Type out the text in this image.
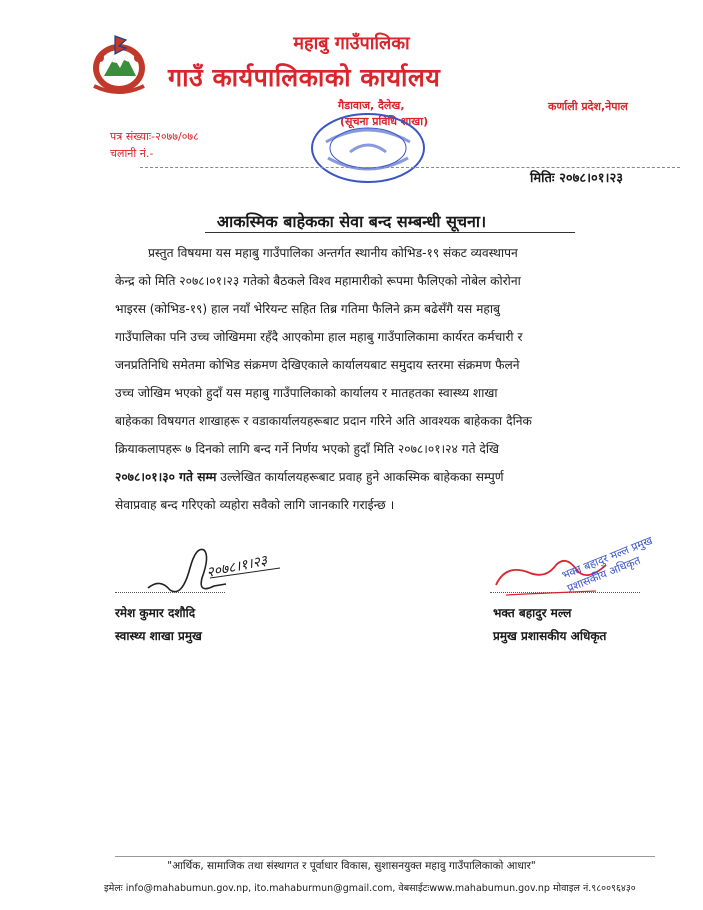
महाबु गाउँपालिका
गाउँ कार्यपालिकाको कार्यालय
गैडावाज, दैलेख,
(सूचना प्रविधि शाखा)
कर्णाली प्रदेश,नेपाल
पत्र संख्याः-२०७७/०७८
चलानी नं.-
मितिः २०७८।०१।२३
आकस्मिक बाहेकका सेवा बन्द सम्बन्धी सूचना।
प्रस्तुत विषयमा यस महाबु गाउँपालिका अन्तर्गत स्थानीय कोभिड-१९ संकट व्यवस्थापन
केन्द्र को मिति २०७८।०१।२३ गतेको बैठकले विश्व महामारीको रूपमा फैलिएको नोबेल कोरोना
भाइरस (कोभिड-१९) हाल नयाँ भेरियन्ट सहित तिब्र गतिमा फैलिने क्रम बढेसँगै यस महाबु
गाउँपालिका पनि उच्च जोखिममा रहँदै आएकोमा हाल महाबु गाउँपालिकामा कार्यरत कर्मचारी र
जनप्रतिनिधि समेतमा कोभिड संक्रमण देखिएकाले कार्यालयबाट समुदाय स्तरमा संक्रमण फैलने
उच्च जोखिम भएको हुदाँ यस महाबु गाउँपालिकाको कार्यालय र मातहतका स्वास्थ्य शाखा
बाहेकका विषयगत शाखाहरू र वडाकार्यालयहरूबाट प्रदान गरिने अति आवश्यक बाहेकका दैनिक
क्रियाकलापहरू ७ दिनको लागि बन्द गर्ने निर्णय भएको हुदाँ मिति २०७८।०१।२४ गते देखि
२०७८।०१।३० गते सम्म उल्लेखित कार्यालयहरूबाट प्रवाह हुने आकस्मिक बाहेकका सम्पुर्ण
सेवाप्रवाह बन्द गरिएको व्यहोरा सवैको लागि जानकारि गराईन्छ ।
२०७८।१।२३
रमेश कुमार दशौदि
स्वास्थ्य शाखा प्रमुख
भक्त बहादुर मल्ल प्रमुख प्रशासकीय अधिकृत
भक्त बहादुर मल्ल
प्रमुख प्रशासकीय अधिकृत
"आर्थिक, सामाजिक तथा संस्थागत र पूर्वाधार विकास, सुशासनयुक्त महावु गाउँपालिकाको आधार"
इमेलः info@mahabumun.gov.np, ito.mahaburmun@gmail.com, वेबसाईटःwww.mahabumun.gov.np मोवाइल नं.९८००९६४३०
